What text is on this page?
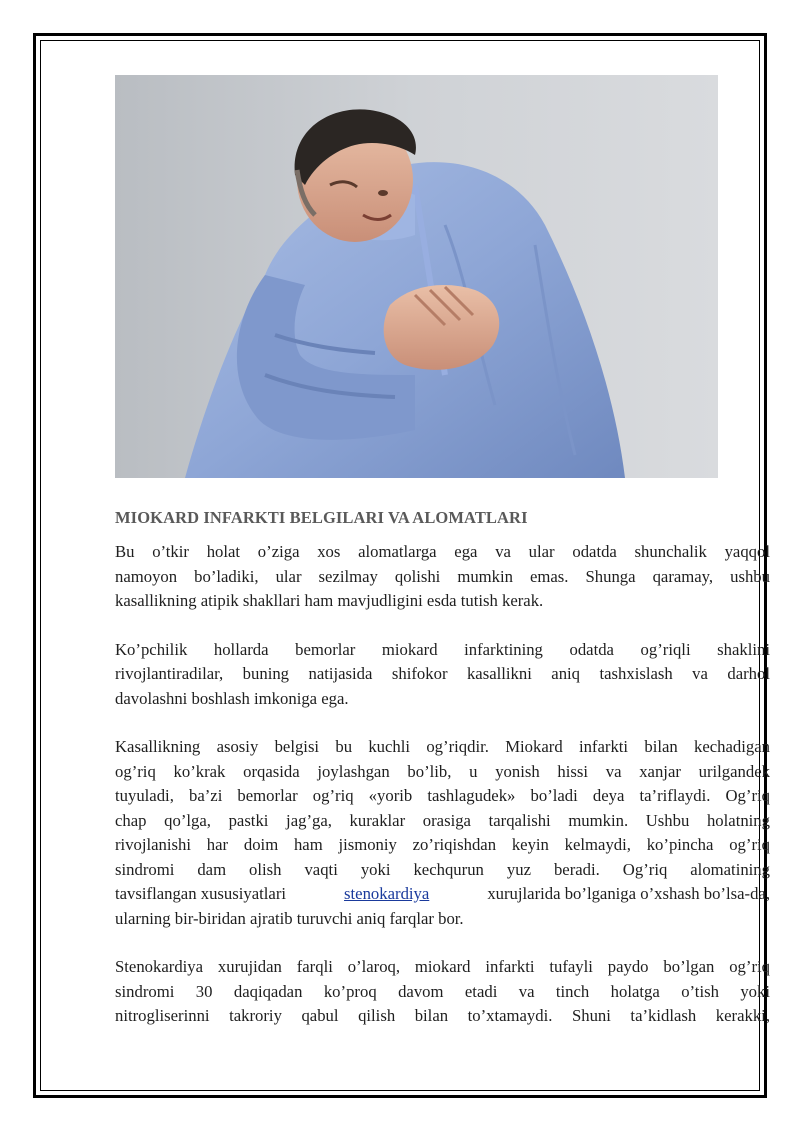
MIOKARD INFARKTI BELGILARI VA ALOMATLARI
Bu o’tkir holat o’ziga xos alomatlarga ega va ular odatda shunchalik yaqqol
namoyon bo’ladiki, ular sezilmay qolishi mumkin emas. Shunga qaramay, ushbu
kasallikning atipik shakllari ham mavjudligini esda tutish kerak.
Ko’pchilik hollarda bemorlar miokard infarktining odatda og’riqli shaklini
rivojlantiradilar, buning natijasida shifokor kasallikni aniq tashxislash va darhol
davolashni boshlash imkoniga ega.
Kasallikning asosiy belgisi bu kuchli og’riqdir. Miokard infarkti bilan kechadigan
og’riq ko’krak orqasida joylashgan bo’lib, u yonish hissi va xanjar urilgandek
tuyuladi, ba’zi bemorlar og’riq «yorib tashlagudek» bo’ladi deya ta’riflaydi. Og’riq
chap qo’lga, pastki jag’ga, kuraklar orasiga tarqalishi mumkin. Ushbu holatning
rivojlanishi har doim ham jismoniy zo’riqishdan keyin kelmaydi, ko’pincha og’riq
sindromi dam olish vaqti yoki kechqurun yuz beradi. Og’riq alomatining
tavsiflangan xususiyatlari	stenokardiya	xurujlarida bo’lganiga o’xshash bo’lsa-da,
ularning bir-biridan ajratib turuvchi aniq farqlar bor.
Stenokardiya xurujidan farqli o’laroq, miokard infarkti tufayli paydo bo’lgan og’riq
sindromi 30 daqiqadan ko’proq davom etadi va tinch holatga o’tish yoki
nitrogliserinni takroriy qabul qilish bilan to’xtamaydi. Shuni ta’kidlash kerakki,
